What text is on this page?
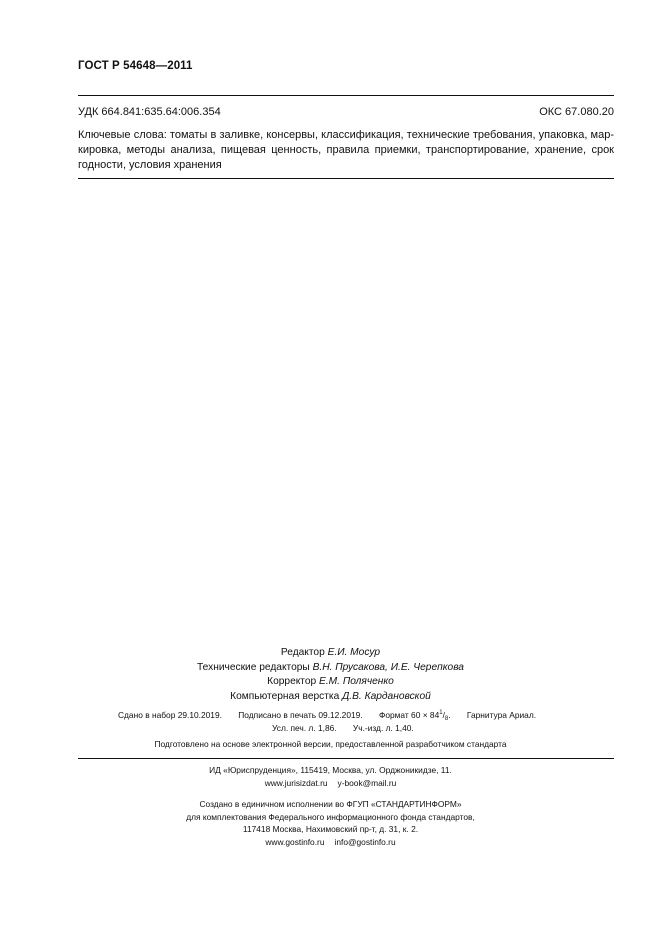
ГОСТ Р 54648—2011
УДК 664.841:635.64:006.354	ОКС 67.080.20
Ключевые слова: томаты в заливке, консервы, классификация, технические требования, упаковка, мар-кировка, методы анализа, пищевая ценность, правила приемки, транспортирование, хранение, срок годности, условия хранения
Редактор Е.И. Мосур
Технические редакторы В.Н. Прусакова, И.Е. Черепкова
Корректор Е.М. Поляченко
Компьютерная верстка Д.В. Кардановской
Сдано в набор 29.10.2019. Подписано в печать 09.12.2019. Формат $60 \times 84^1/_8$. Гарнитура Ариал.
Усл. печ. л. 1,86. Уч.-изд. л. 1,40.
Подготовлено на основе электронной версии, предоставленной разработчиком стандарта
ИД «Юриспруденция», 115419, Москва, ул. Орджоникидзе, 11.
www.jurisizdat.ru y-book@mail.ru
Создано в единичном исполнении во ФГУП «СТАНДАРТИНФОРМ»
для комплектования Федерального информационного фонда стандартов,
117418 Москва, Нахимовский пр-т, д. 31, к. 2.
www.gostinfo.ru info@gostinfo.ru
